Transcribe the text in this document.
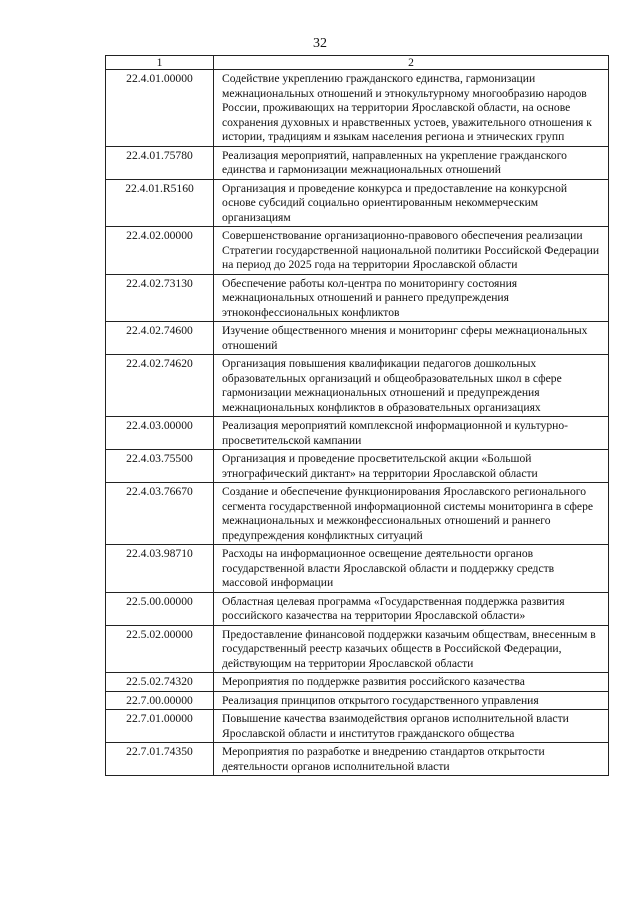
32
1	2
22.4.01.00000	Содействие укреплению гражданского единства, гармонизации межнациональных отношений и этнокультурному многообразию народов России, проживающих на территории Ярославской области, на основе сохранения духовных и нравственных устоев, уважительного отношения к истории, традициям и языкам населения региона и этнических групп
22.4.01.75780	Реализация мероприятий, направленных на укрепление гражданского единства и гармонизации межнациональных отношений
22.4.01.R5160	Организация и проведение конкурса и предоставление на конкурсной основе субсидий социально ориентированным некоммерческим организациям
22.4.02.00000	Совершенствование организационно-правового обеспечения реализации Стратегии государственной национальной политики Российской Федерации на период до 2025 года на территории Ярославской области
22.4.02.73130	Обеспечение работы кол-центра по мониторингу состояния межнациональных отношений и раннего предупреждения этноконфессиональных конфликтов
22.4.02.74600	Изучение общественного мнения и мониторинг сферы межнациональных отношений
22.4.02.74620	Организация повышения квалификации педагогов дошкольных образовательных организаций и общеобразовательных школ в сфере гармонизации межнациональных отношений и предупреждения межнациональных конфликтов в образовательных организациях
22.4.03.00000	Реализация мероприятий комплексной информационной и культурно-просветительской кампании
22.4.03.75500	Организация и проведение просветительской акции «Большой этнографический диктант» на территории Ярославской области
22.4.03.76670	Создание и обеспечение функционирования Ярославского регионального сегмента государственной информационной системы мониторинга в сфере межнациональных и межконфессиональных отношений и раннего предупреждения конфликтных ситуаций
22.4.03.98710	Расходы на информационное освещение деятельности органов государственной власти Ярославской области и поддержку средств массовой информации
22.5.00.00000	Областная целевая программа «Государственная поддержка развития российского казачества на территории Ярославской области»
22.5.02.00000	Предоставление финансовой поддержки казачьим обществам, внесенным в государственный реестр казачьих обществ в Российской Федерации, действующим на территории Ярославской области
22.5.02.74320	Мероприятия по поддержке развития российского казачества
22.7.00.00000	Реализация принципов открытого государственного управления
22.7.01.00000	Повышение качества взаимодействия органов исполнительной власти Ярославской области и институтов гражданского общества
22.7.01.74350	Мероприятия по разработке и внедрению стандартов открытости деятельности органов исполнительной власти
